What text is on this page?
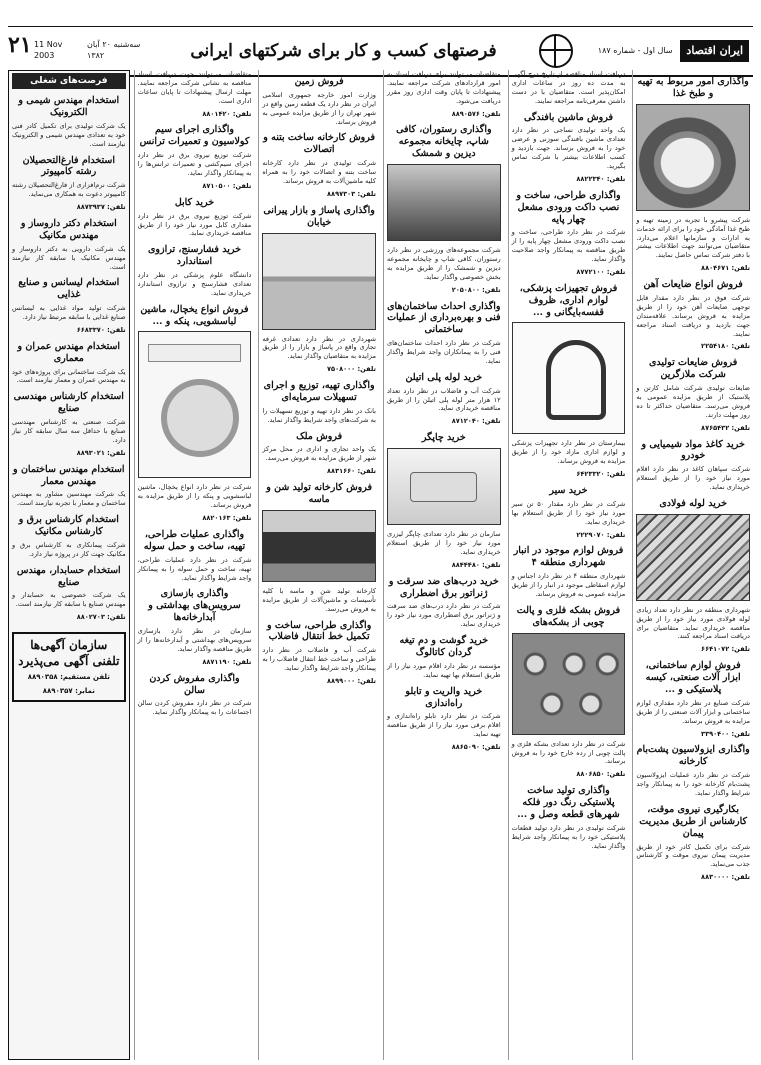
۲۱ 11 Nov 2003
سه‌شنبه ۲۰ آبان ۱۳۸۲	فرصتهای کسب و کار برای شرکتهای ایرانی	سال اول - شماره ۱۸۷	ایران اقتصاد
واگذاری امور مربوط به تهیه و طبخ غذا
شرکت پیشرو با تجربه در زمینه تهیه و طبخ غذا آمادگی خود را برای ارائه خدمات به ادارات و سازمانها اعلام می‌دارد. متقاضیان می‌توانند جهت اطلاعات بیشتر با دفتر شرکت تماس حاصل نمایند.
تلفن: ۸۸۰۴۶۷۱
فروش انواع ضایعات آهن
شرکت فوق در نظر دارد مقدار قابل توجهی ضایعات آهن خود را از طریق مزایده به فروش برساند. علاقه‌مندان جهت بازدید و دریافت اسناد مراجعه نمایند.
تلفن: ۲۲۵۴۱۸۰
فروش ضایعات تولیدی شرکت ملازگرین
ضایعات تولیدی شرکت شامل کارتن و پلاستیک از طریق مزایده عمومی به فروش می‌رسد. متقاضیان حداکثر تا ده روز مهلت دارند.
تلفن: ۸۷۶۵۴۳۲
خرید کاغذ مواد شیمیایی و خودرو
شرکت سپاهان کاغذ در نظر دارد اقلام مورد نیاز خود را از طریق استعلام خریداری نماید.
خرید لوله فولادی
شهرداری منطقه در نظر دارد تعداد زیادی لوله فولادی مورد نیاز خود را از طریق مناقصه خریداری نماید. متقاضیان برای دریافت اسناد مراجعه کنند.
تلفن: ۶۶۴۱۰۷۲
فروش لوازم ساختمانی، ابزار آلات صنعتی، کیسه پلاستیکی و ...
شرکت صنایع در نظر دارد مقداری لوازم ساختمانی و ابزار آلات صنعتی را از طریق مزایده به فروش برساند.
تلفن: ۳۳۹۰۴۰۰
واگذاری ایزولاسیون پشت‌بام کارخانه
شرکت در نظر دارد عملیات ایزولاسیون پشت‌بام کارخانه خود را به پیمانکار واجد شرایط واگذار نماید.
بکارگیری نیروی موقت، کارشناس از طریق مدیریت پیمان
شرکت برای تکمیل کادر خود از طریق مدیریت پیمان نیروی موقت و کارشناس جذب می‌نماید.
تلفن: ۸۸۳۰۰۰۰
دریافت اسناد مناقصه از تاریخ درج آگهی به مدت ده روز در ساعات اداری امکان‌پذیر است. متقاضیان با در دست داشتن معرفی‌نامه مراجعه نمایند.
فروش ماشین بافندگی
یک واحد تولیدی نساجی در نظر دارد تعدادی ماشین بافندگی سوزنی و عرضی خود را به فروش برساند. جهت بازدید و کسب اطلاعات بیشتر با شرکت تماس بگیرید.
تلفن: ۸۸۲۲۳۴۰
واگذاری طراحی، ساخت و نصب داکت ورودی مشعل چهار پایه
شرکت در نظر دارد طراحی، ساخت و نصب داکت ورودی مشعل چهار پایه را از طریق مناقصه به پیمانکار واجد صلاحیت واگذار نماید.
تلفن: ۸۷۷۲۱۰۰
فروش تجهیزات پزشکی، لوازم اداری، ظروف قفسه‌بایگانی و ...
بیمارستان در نظر دارد تجهیزات پزشکی و لوازم اداری مازاد خود را از طریق مزایده به فروش برساند.
تلفن: ۶۴۲۳۳۲۰
خرید سیر
شرکت در نظر دارد مقدار ۵۰ تن سیر مورد نیاز خود را از طریق استعلام بها خریداری نماید.
تلفن: ۲۲۲۹۰۷۰
فروش لوازم موجود در انبار شهرداری منطقه ۴
شهرداری منطقه ۴ در نظر دارد اجناس و لوازم اسقاطی موجود در انبار را از طریق مزایده عمومی به فروش برساند.
فروش بشکه فلزی و پالت چوبی از بشکه‌های
شرکت در نظر دارد تعدادی بشکه فلزی و پالت چوبی از رده خارج خود را به فروش برساند.
تلفن: ۸۸۰۶۸۵۰
واگذاری تولید ساخت پلاستیکی رنگ دور فلکه شهرهای قطعه وصل و ...
شرکت تولیدی در نظر دارد تولید قطعات پلاستیکی خود را به پیمانکار واجد شرایط واگذار نماید.
متقاضیان می‌توانند برای دریافت اسناد به امور قراردادهای شرکت مراجعه نمایند. پیشنهادات تا پایان وقت اداری روز مقرر دریافت می‌شود.
تلفن: ۸۸۹۰۵۷۶
واگذاری رستوران، کافی شاپ، چایخانه مجموعه دیزین و شمشک
شرکت مجموعه‌های ورزشی در نظر دارد رستوران، کافی شاپ و چایخانه مجموعه دیزین و شمشک را از طریق مزایده به بخش خصوصی واگذار نماید.
تلفن: ۲۰۵۰۸۰۰
واگذاری احداث ساختمان‌های فنی و بهره‌برداری از عملیات ساختمانی
شرکت در نظر دارد احداث ساختمان‌های فنی را به پیمانکاران واجد شرایط واگذار نماید.
خرید لوله پلی اتیلن
شرکت آب و فاضلاب در نظر دارد تعداد ۱۲ هزار متر لوله پلی اتیلن را از طریق مناقصه خریداری نماید.
تلفن: ۸۷۱۲۰۴۰
خرید چاپگر
سازمان در نظر دارد تعدادی چاپگر لیزری مورد نیاز خود را از طریق استعلام خریداری نماید.
تلفن: ۸۸۴۴۴۸۰
خرید درب‌های ضد سرقت و ژنراتور برق اضطراری
شرکت در نظر دارد درب‌های ضد سرقت و ژنراتور برق اضطراری مورد نیاز خود را خریداری نماید.
خرید گوشت و دم تیغه گردان کاتالوگ
مؤسسه در نظر دارد اقلام مورد نیاز را از طریق استعلام بها تهیه نماید.
خرید والریت و تابلو راه‌اندازی
شرکت در نظر دارد تابلو راه‌اندازی و اقلام برقی مورد نیاز را از طریق مناقصه تهیه نماید.
تلفن: ۸۸۶۵۰۹۰
فروش زمین
وزارت امور خارجه جمهوری اسلامی ایران در نظر دارد یک قطعه زمین واقع در شهر تهران را از طریق مزایده عمومی به فروش برساند.
فروش کارخانه ساخت بتنه و اتصالات
شرکت تولیدی در نظر دارد کارخانه ساخت بتنه و اتصالات خود را به همراه کلیه ماشین‌آلات به فروش برساند.
تلفن: ۸۸۹۷۳۰۳
واگذاری پاساژ و بازار پیرانی خیابان
شهرداری در نظر دارد تعدادی غرفه تجاری واقع در پاساژ و بازار را از طریق مزایده به متقاضیان واگذار نماید.
تلفن: ۷۵۰۸۰۰۰
واگذاری تهیه، توزیع و اجرای تسهیلات سرمایه‌ای
بانک در نظر دارد تهیه و توزیع تسهیلات را به شرکت‌های واجد شرایط واگذار نماید.
فروش ملک
یک واحد تجاری و اداری در محل مرکز شهر از طریق مزایده به فروش می‌رسد.
تلفن: ۸۸۳۱۶۶۰
فروش کارخانه تولید شن و ماسه
کارخانه تولید شن و ماسه با کلیه تأسیسات و ماشین‌آلات از طریق مزایده به فروش می‌رسد.
واگذاری طراحی، ساخت و تکمیل خط انتقال فاضلاب
شرکت آب و فاضلاب در نظر دارد طراحی و ساخت خط انتقال فاضلاب را به پیمانکار واجد شرایط واگذار نماید.
تلفن: ۸۸۹۹۰۰۰
متقاضیان می‌توانند جهت دریافت اسناد مناقصه به نشانی شرکت مراجعه نمایند. مهلت ارسال پیشنهادات تا پایان ساعات اداری است.
تلفن: ۸۸۰۱۴۲۰
واگذاری اجرای سیم کولاسیون و تعمیرات ترانس
شرکت توزیع نیروی برق در نظر دارد اجرای سیم‌کشی و تعمیرات ترانس‌ها را به پیمانکار واگذار نماید.
تلفن: ۸۷۱۰۵۰۰
خرید کابل
شرکت توزیع نیروی برق در نظر دارد مقداری کابل مورد نیاز خود را از طریق مناقصه خریداری نماید.
خرید فشارسنج، ترازوی استاندارد
دانشگاه علوم پزشکی در نظر دارد تعدادی فشارسنج و ترازوی استاندارد خریداری نماید.
فروش انواع یخچال، ماشین لباسشویی، پنکه و ...
شرکت در نظر دارد انواع یخچال، ماشین لباسشویی و پنکه را از طریق مزایده به فروش برساند.
تلفن: ۸۸۲۰۱۶۳
واگذاری عملیات طراحی، تهیه، ساخت و حمل سوله
شرکت در نظر دارد عملیات طراحی، تهیه، ساخت و حمل سوله را به پیمانکار واجد شرایط واگذار نماید.
واگذاری بازسازی سرویس‌های بهداشتی و آبدارخانه‌ها
سازمان در نظر دارد بازسازی سرویس‌های بهداشتی و آبدارخانه‌ها را از طریق مناقصه واگذار نماید.
تلفن: ۸۸۷۱۱۹۰
واگذاری مفروش کردن سالن
شرکت در نظر دارد مفروش کردن سالن اجتماعات را به پیمانکار واگذار نماید.
فرصت‌های شغلی
استخدام مهندس شیمی و الکترونیک
یک شرکت تولیدی برای تکمیل کادر فنی خود به تعدادی مهندس شیمی و الکترونیک نیازمند است.
استخدام فارغ‌التحصیلان رشته کامپیوتر
شرکت نرم‌افزاری از فارغ‌التحصیلان رشته کامپیوتر دعوت به همکاری می‌نماید.
تلفن: ۸۸۷۳۹۳۷
استخدام دکتر داروساز و مهندس مکانیک
یک شرکت دارویی به دکتر داروساز و مهندس مکانیک با سابقه کار نیازمند است.
استخدام لیسانس و صنایع غذایی
شرکت تولید مواد غذایی به لیسانس صنایع غذایی با سابقه مرتبط نیاز دارد.
تلفن: ۶۶۸۳۳۷۰
استخدام مهندس عمران و معماری
یک شرکت ساختمانی برای پروژه‌های خود به مهندس عمران و معمار نیازمند است.
استخدام کارشناس مهندسی صنایع
شرکت صنعتی به کارشناس مهندسی صنایع با حداقل سه سال سابقه کار نیاز دارد.
تلفن: ۸۸۹۳۰۲۱
استخدام مهندس ساختمان و مهندس معمار
یک شرکت مهندسین مشاور به مهندس ساختمان و معمار با تجربه نیازمند است.
استخدام کارشناس برق و کارشناس مکانیک
شرکت پیمانکاری به کارشناس برق و مکانیک جهت کار در پروژه نیاز دارد.
استخدام حسابدار، مهندس صنایع
یک شرکت خصوصی به حسابدار و مهندس صنایع با سابقه کار نیازمند است.
تلفن: ۸۸۰۲۷۰۳
سازمان آگهی‌ها تلفنی آگهی می‌پذیرد
تلفن مستقیم: ۸۸۹۰۳۵۸
نمابر: ۸۸۹۰۳۵۷
